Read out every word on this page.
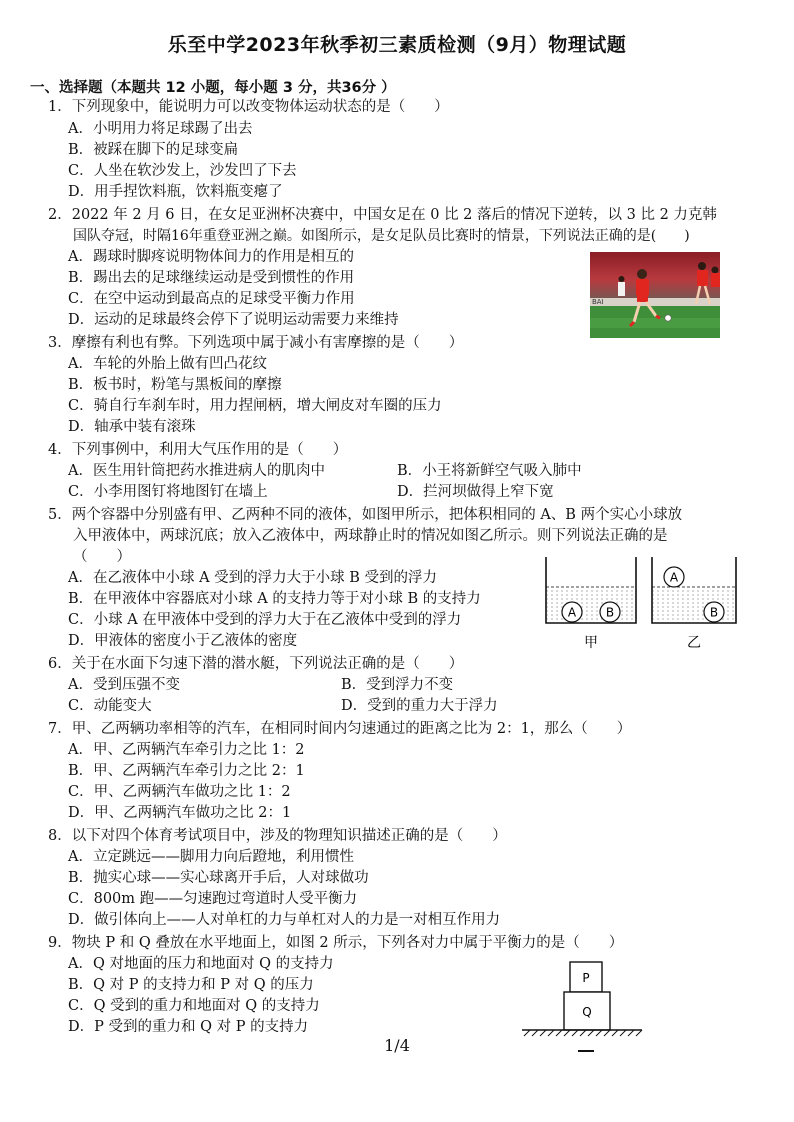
乐至中学2023年秋季初三素质检测（9月）物理试题
一、选择题（本题共 12 小题，每小题 3 分，共36分 ）
1．下列现象中，能说明力可以改变物体运动状态的是（　　）
A．小明用力将足球踢了出去
B．被踩在脚下的足球变扁
C．人坐在软沙发上，沙发凹了下去
D．用手捏饮料瓶，饮料瓶变瘪了
2．2022 年 2 月 6 日，在女足亚洲杯决赛中，中国女足在 0 比 2 落后的情况下逆转，以 3 比 2 力克韩
国队夺冠，时隔16年重登亚洲之巅。如图所示，是女足队员比赛时的情景，下列说法正确的是(　　)
A．踢球时脚疼说明物体间力的作用是相互的
B．踢出去的足球继续运动是受到惯性的作用
C．在空中运动到最高点的足球受平衡力作用
D．运动的足球最终会停下了说明运动需要力来维持
BAI
3．摩擦有利也有弊。下列选项中属于减小有害摩擦的是（　　）
A．车轮的外胎上做有凹凸花纹
B．板书时，粉笔与黑板间的摩擦
C．骑自行车刹车时，用力捏闸柄，增大闸皮对车圈的压力
D．轴承中装有滚珠
4．下列事例中，利用大气压作用的是（　　）
A．医生用针筒把药水推进病人的肌肉中	B．小王将新鲜空气吸入肺中
C．小李用图钉将地图钉在墙上	D．拦河坝做得上窄下宽
5．两个容器中分别盛有甲、乙两种不同的液体，如图甲所示，把体积相同的 A、B 两个实心小球放
入甲液体中，两球沉底；放入乙液体中，两球静止时的情况如图乙所示。则下列说法正确的是
（　　）
A．在乙液体中小球 A 受到的浮力大于小球 B 受到的浮力
B．在甲液体中容器底对小球 A 的支持力等于对小球 B 的支持力
C．小球 A 在甲液体中受到的浮力大于在乙液体中受到的浮力
D．甲液体的密度小于乙液体的密度
A B
甲
A
B
乙
6．关于在水面下匀速下潜的潜水艇，下列说法正确的是（　　）
A．受到压强不变	B．受到浮力不变
C．动能变大	D．受到的重力大于浮力
7．甲、乙两辆功率相等的汽车，在相同时间内匀速通过的距离之比为 2：1，那么（　　）
A．甲、乙两辆汽车牵引力之比 1：2
B．甲、乙两辆汽车牵引力之比 2：1
C．甲、乙两辆汽车做功之比 1：2
D．甲、乙两辆汽车做功之比 2：1
8．以下对四个体育考试项目中，涉及的物理知识描述正确的是（　　）
A．立定跳远——脚用力向后蹬地，利用惯性
B．抛实心球——实心球离开手后，人对球做功
C．800m 跑——匀速跑过弯道时人受平衡力
D．做引体向上——人对单杠的力与单杠对人的力是一对相互作用力
9．物块 P 和 Q 叠放在水平地面上，如图 2 所示，下列各对力中属于平衡力的是（　　）
A．Q 对地面的压力和地面对 Q 的支持力
B．Q 对 P 的支持力和 P 对 Q 的压力
C．Q 受到的重力和地面对 Q 的支持力
D．P 受到的重力和 Q 对 P 的支持力
P
Q
1/4
